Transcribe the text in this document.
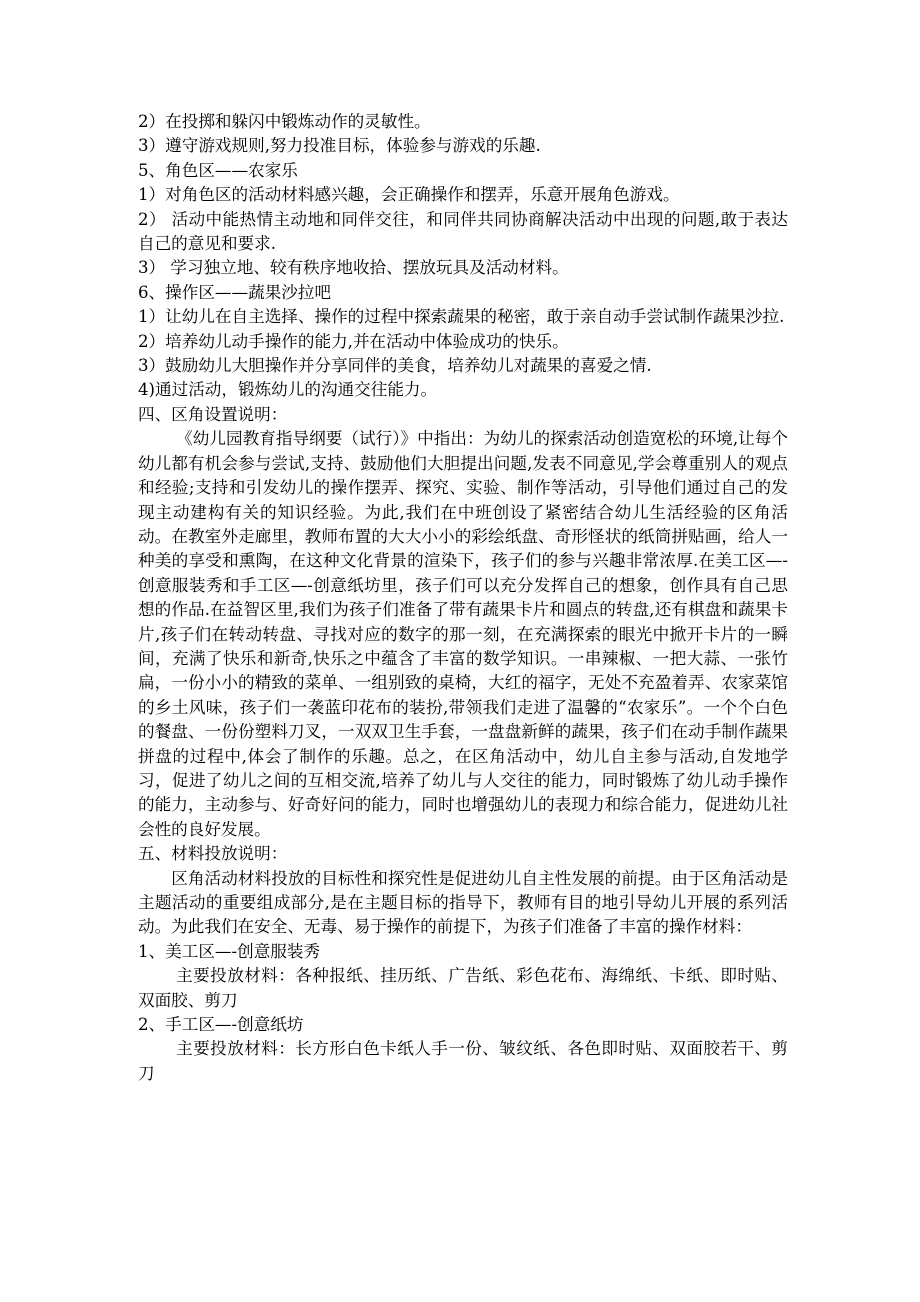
2）在投掷和躲闪中锻炼动作的灵敏性。

3）遵守游戏规则,努力投准目标，体验参与游戏的乐趣.

5、角色区——农家乐

1）对角色区的活动材料感兴趣，会正确操作和摆弄，乐意开展角色游戏。

2） 活动中能热情主动地和同伴交往，和同伴共同协商解决活动中出现的问题,敢于表达自己的意见和要求.

3） 学习独立地、较有秩序地收拾、摆放玩具及活动材料。

6、操作区——蔬果沙拉吧

1）让幼儿在自主选择、操作的过程中探索蔬果的秘密，敢于亲自动手尝试制作蔬果沙拉.

2）培养幼儿动手操作的能力,并在活动中体验成功的快乐。

3）鼓励幼儿大胆操作并分享同伴的美食，培养幼儿对蔬果的喜爱之情.

4)通过活动，锻炼幼儿的沟通交往能力。

四、区角设置说明：

《幼儿园教育指导纲要（试行）》中指出：为幼儿的探索活动创造宽松的环境,让每个幼儿都有机会参与尝试,支持、鼓励他们大胆提出问题,发表不同意见,学会尊重别人的观点和经验;支持和引发幼儿的操作摆弄、探究、实验、制作等活动，引导他们通过自己的发现主动建构有关的知识经验。为此,我们在中班创设了紧密结合幼儿生活经验的区角活动。在教室外走廊里，教师布置的大大小小的彩绘纸盘、奇形怪状的纸筒拼贴画，给人一种美的享受和熏陶，在这种文化背景的渲染下，孩子们的参与兴趣非常浓厚.在美工区—-创意服装秀和手工区—-创意纸坊里，孩子们可以充分发挥自己的想象，创作具有自己思想的作品.在益智区里,我们为孩子们准备了带有蔬果卡片和圆点的转盘,还有棋盘和蔬果卡片,孩子们在转动转盘、寻找对应的数字的那一刻，在充满探索的眼光中掀开卡片的一瞬间，充满了快乐和新奇,快乐之中蕴含了丰富的数学知识。一串辣椒、一把大蒜、一张竹扁，一份小小的精致的菜单、一组别致的桌椅，大红的福字，无处不充盈着弄、农家菜馆的乡土风味，孩子们一袭蓝印花布的装扮,带领我们走进了温馨的“农家乐”。一个个白色的餐盘、一份份塑料刀叉，一双双卫生手套，一盘盘新鲜的蔬果，孩子们在动手制作蔬果拼盘的过程中,体会了制作的乐趣。总之，在区角活动中，幼儿自主参与活动,自发地学习，促进了幼儿之间的互相交流,培养了幼儿与人交往的能力，同时锻炼了幼儿动手操作的能力，主动参与、好奇好问的能力，同时也增强幼儿的表现力和综合能力，促进幼儿社会性的良好发展。

五、材料投放说明：

区角活动材料投放的目标性和探究性是促进幼儿自主性发展的前提。由于区角活动是主题活动的重要组成部分,是在主题目标的指导下，教师有目的地引导幼儿开展的系列活动。为此我们在安全、无毒、易于操作的前提下，为孩子们准备了丰富的操作材料：

1、美工区—-创意服装秀

主要投放材料：各种报纸、挂历纸、广告纸、彩色花布、海绵纸、卡纸、即时贴、双面胶、剪刀

2、手工区—-创意纸坊

主要投放材料：长方形白色卡纸人手一份、皱纹纸、各色即时贴、双面胶若干、剪刀
